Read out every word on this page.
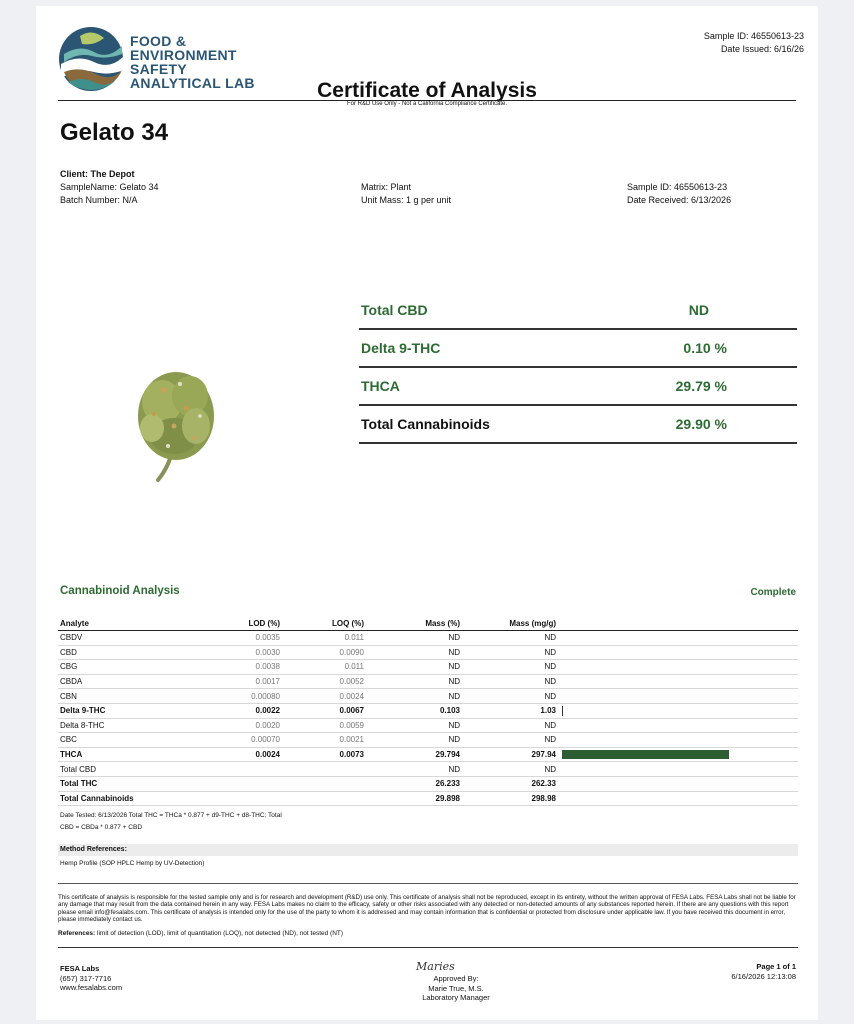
FOOD &
ENVIRONMENT
SAFETY
ANALYTICAL LAB
Sample ID: 46550613-23
Date Issued: 6/16/26
Certificate of Analysis
For R&D Use Only - Not a California Compliance Certificate.
Gelato 34
Client: The Depot
SampleName: Gelato 34
Batch Number: N/A
Matrix: Plant
Unit Mass: 1 g per unit
Sample ID: 46550613-23
Date Received: 6/13/2026
Total CBD	ND
Delta 9-THC	0.10 %
THCA	29.79 %
Total Cannabinoids	29.90 %
Cannabinoid Analysis	Complete
Analyte	LOD (%)	LOQ (%)	Mass (%)	Mass (mg/g)	
CBDV	0.0035	0.011	ND	ND	
CBD	0.0030	0.0090	ND	ND	
CBG	0.0038	0.011	ND	ND	
CBDA	0.0017	0.0052	ND	ND	
CBN	0.00080	0.0024	ND	ND	
Delta 9-THC	0.0022	0.0067	0.103	1.03	

Delta 8-THC	0.0020	0.0059	ND	ND	
CBC	0.00070	0.0021	ND	ND	
THCA	0.0024	0.0073	29.794	297.94	

Total CBD			ND	ND	
Total THC			26.233	262.33	
Total Cannabinoids			29.898	298.98	
Date Tested: 6/13/2026 Total THC = THCa * 0.877 + d9-THC + d8-THC; Total
CBD = CBDa * 0.877 + CBD
Method References:
Hemp Profile (SOP HPLC Hemp by UV-Detection)
This certificate of analysis is responsible for the tested sample only and is for research and development (R&D) use only. This certificate of analysis shall not be reproduced, except in its entirety, without the written approval of FESA Labs. FESA Labs shall not be liable for any damage that may result from the data contained herein in any way. FESA Labs makes no claim to the efficacy, safety or other risks associated with any detected or non-detected amounts of any substances reported herein. If there are any questions with this report please email info@fesalabs.com. This certificate of analysis is intended only for the use of the party to whom it is addressed and may contain information that is confidential or protected from disclosure under applicable law. If you have received this document in error, please immediately contact us.
References: limit of detection (LOD), limit of quantitation (LOQ), not detected (ND), not tested (NT)
FESA Labs
(657) 317-7716
www.fesalabs.com
Maries
Approved By:
Marie True, M.S.
Laboratory Manager
Page 1 of 1
6/16/2026 12:13:08
